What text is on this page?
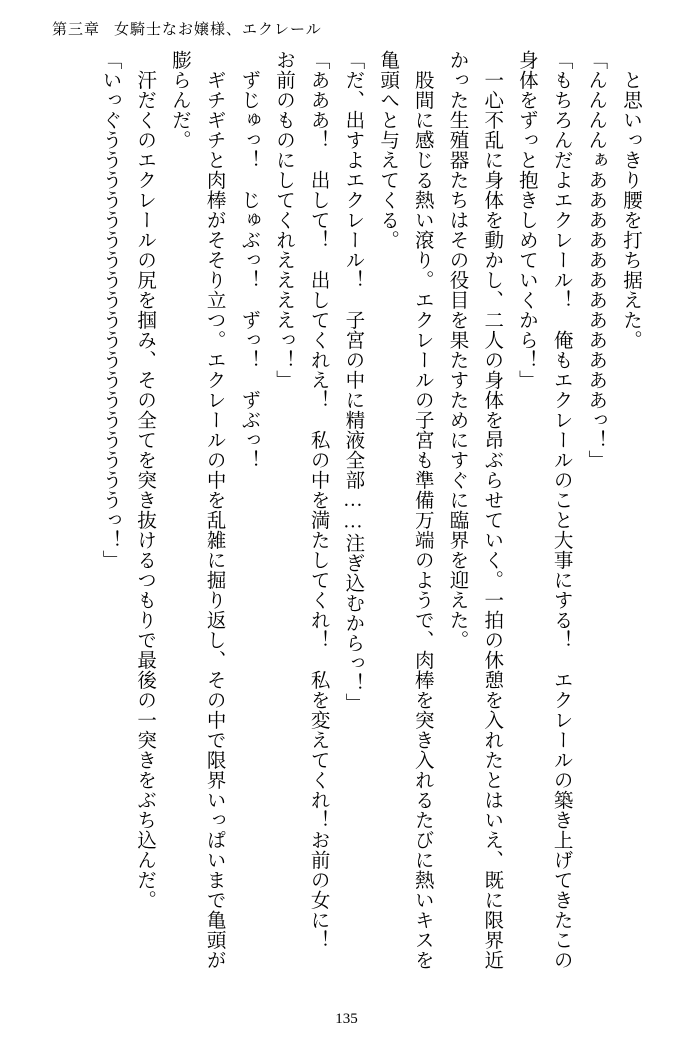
第三章 女騎士なお嬢様、エクレール

と思いっきり腰を打ち据えた。

「んんんんぁああああああああああああっ！」

「もちろんだよエクレール！　俺もエクレールのこと大事にする！　エクレールの築き上げてきたこの身体をずっと抱きしめていくから！」

一心不乱に身体を動かし、二人の身体を昂ぶらせていく。一拍の休憩を入れたとはいえ、既に限界近かった生殖器たちはその役目を果たすためにすぐに臨界を迎えた。

股間に感じる熱い滾り。エクレールの子宮も準備万端のようで、肉棒を突き入れるたびに熱いキスを亀頭へと与えてくる。

「だ、出すよエクレール！　子宮の中に精液全部……注ぎ込むからっ！」

「あああ！　出して！　出してくれえ！　私の中を満たしてくれ！　私を変えてくれ！お前の女に！　お前のものにしてくれええええっ！」

ずじゅっ！　じゅぶっ！　ずっ！　ずぶっ！

ギチギチと肉棒がそそり立つ。エクレールの中を乱雑に掘り返し、その中で限界いっぱいまで亀頭が膨らんだ。

汗だくのエクレールの尻を掴み、その全てを突き抜けるつもりで最後の一突きをぶち込んだ。

「いっぐうううううううううううううううううううっ！」

135
